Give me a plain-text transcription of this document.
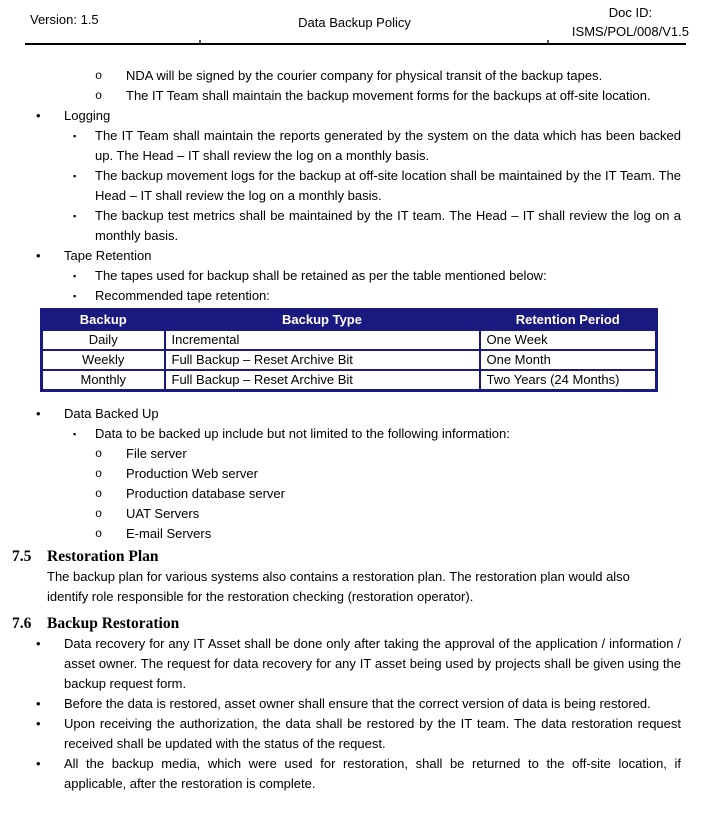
Version: 1.5	Data Backup Policy
Doc ID:
ISMS/POL/008/V1.5
o	NDA will be signed by the courier company for physical transit of the backup tapes.
o	The IT Team shall maintain the backup movement forms for the backups at off-site location.
•	Logging
▪	The IT Team shall maintain the reports generated by the system on the data which has been backed up. The Head – IT shall review the log on a monthly basis.
▪	The backup movement logs for the backup at off-site location shall be maintained by the IT Team. The Head – IT shall review the log on a monthly basis.
▪	The backup test metrics shall be maintained by the IT team. The Head – IT shall review the log on a monthly basis.
•	Tape Retention
▪	The tapes used for backup shall be retained as per the table mentioned below:
▪	Recommended tape retention:
Backup	Backup Type	Retention Period
Daily	Incremental	One Week
Weekly	Full Backup – Reset Archive Bit	One Month
Monthly	Full Backup – Reset Archive Bit	Two Years (24 Months)
•	Data Backed Up
▪	Data to be backed up include but not limited to the following information:
o	File server
o	Production Web server
o	Production database server
o	UAT Servers
o	E-mail Servers
7.5	Restoration Plan
The backup plan for various systems also contains a restoration plan. The restoration plan would also identify role responsible for the restoration checking (restoration operator).
7.6	Backup Restoration
•	Data recovery for any IT Asset shall be done only after taking the approval of the application / information / asset owner. The request for data recovery for any IT asset being used by projects shall be given using the backup request form.
•	Before the data is restored, asset owner shall ensure that the correct version of data is being restored.
•	Upon receiving the authorization, the data shall be restored by the IT team. The data restoration request received shall be updated with the status of the request.
•	All the backup media, which were used for restoration, shall be returned to the off-site location, if applicable, after the restoration is complete.
